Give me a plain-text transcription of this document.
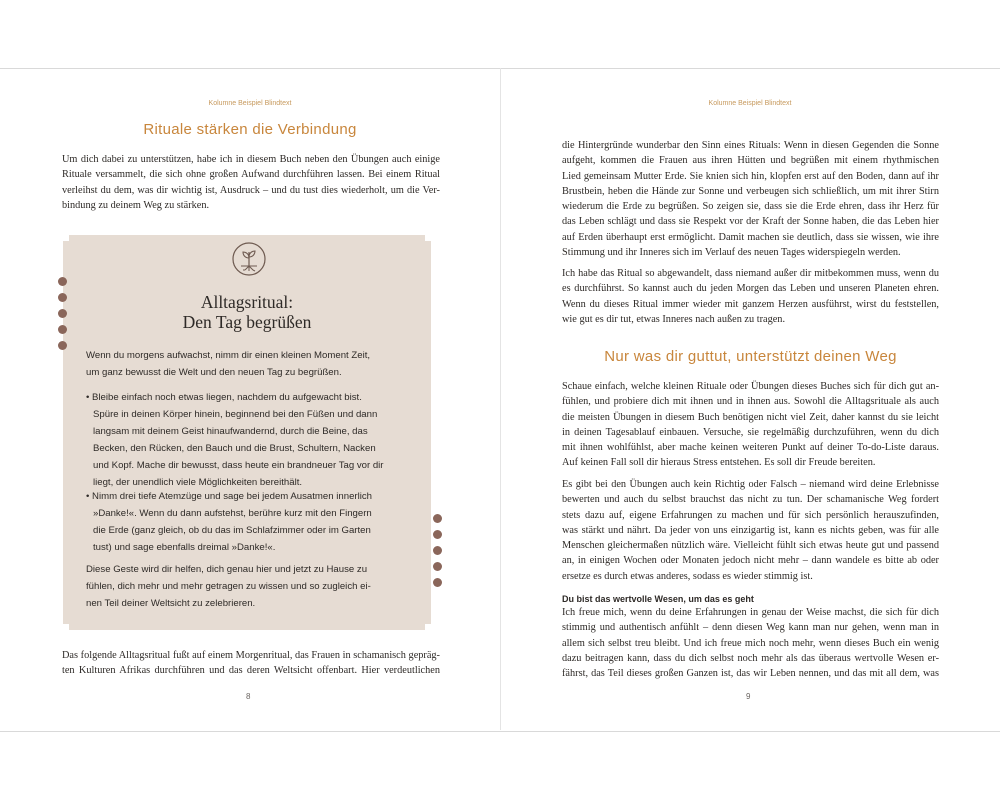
Kolumne Beispiel Blindtext
Rituale stärken die Verbindung
Um dich dabei zu unterstützen, habe ich in diesem Buch neben den Übungen auch einige
Rituale versammelt, die sich ohne großen Aufwand durchführen lassen. Bei einem Ritual
verleihst du dem, was dir wichtig ist, Ausdruck – und du tust dies wiederholt, um die Ver-
bindung zu deinem Weg zu stärken.
Alltagsritual:
Den Tag begrüßen
Wenn du morgens aufwachst, nimm dir einen kleinen Moment Zeit,
um ganz bewusst die Welt und den neuen Tag zu begrüßen.
• Bleibe einfach noch etwas liegen, nachdem du aufgewacht bist.
Spüre in deinen Körper hinein, beginnend bei den Füßen und dann
langsam mit deinem Geist hinaufwandernd, durch die Beine, das
Becken, den Rücken, den Bauch und die Brust, Schultern, Nacken
und Kopf. Mache dir bewusst, dass heute ein brandneuer Tag vor dir
liegt, der unendlich viele Möglichkeiten bereithält.
• Nimm drei tiefe Atemzüge und sage bei jedem Ausatmen innerlich
»Danke!«. Wenn du dann aufstehst, berühre kurz mit den Fingern
die Erde (ganz gleich, ob du das im Schlafzimmer oder im Garten
tust) und sage ebenfalls dreimal »Danke!«.
Diese Geste wird dir helfen, dich genau hier und jetzt zu Hause zu
fühlen, dich mehr und mehr getragen zu wissen und so zugleich ei-
nen Teil deiner Weltsicht zu zelebrieren.
Das folgende Alltagsritual fußt auf einem Morgenritual, das Frauen in schamanisch gepräg-
ten Kulturen Afrikas durchführen und das deren Weltsicht offenbart. Hier verdeutlichen
8
Kolumne Beispiel Blindtext
die Hintergründe wunderbar den Sinn eines Rituals: Wenn in diesen Gegenden die Sonne
aufgeht, kommen die Frauen aus ihren Hütten und begrüßen mit einem rhythmischen
Lied gemeinsam Mutter Erde. Sie knien sich hin, klopfen erst auf den Boden, dann auf ihr
Brustbein, heben die Hände zur Sonne und verbeugen sich schließlich, um mit ihrer Stirn
wiederum die Erde zu begrüßen. So zeigen sie, dass sie die Erde ehren, dass ihr Herz für
das Leben schlägt und dass sie Respekt vor der Kraft der Sonne haben, die das Leben hier
auf Erden überhaupt erst ermöglicht. Damit machen sie deutlich, dass sie wissen, wie ihre
Stimmung und ihr Inneres sich im Verlauf des neuen Tages widerspiegeln werden.
Ich habe das Ritual so abgewandelt, dass niemand außer dir mitbekommen muss, wenn du
es durchführst. So kannst auch du jeden Morgen das Leben und unseren Planeten ehren.
Wenn du dieses Ritual immer wieder mit ganzem Herzen ausführst, wirst du feststellen,
wie gut es dir tut, etwas Inneres nach außen zu tragen.
Nur was dir guttut, unterstützt deinen Weg
Schaue einfach, welche kleinen Rituale oder Übungen dieses Buches sich für dich gut an-
fühlen, und probiere dich mit ihnen und in ihnen aus. Sowohl die Alltagsrituale als auch
die meisten Übungen in diesem Buch benötigen nicht viel Zeit, daher kannst du sie leicht
in deinen Tagesablauf einbauen. Versuche, sie regelmäßig durchzuführen, wenn du dich
mit ihnen wohlfühlst, aber mache keinen weiteren Punkt auf deiner To-do-Liste daraus.
Auf keinen Fall soll dir hieraus Stress entstehen. Es soll dir Freude bereiten.
Es gibt bei den Übungen auch kein Richtig oder Falsch – niemand wird deine Erlebnisse
bewerten und auch du selbst brauchst das nicht zu tun. Der schamanische Weg fordert
stets dazu auf, eigene Erfahrungen zu machen und für sich persönlich herauszufinden,
was stärkt und nährt. Da jeder von uns einzigartig ist, kann es nichts geben, was für alle
Menschen gleichermaßen nützlich wäre. Vielleicht fühlt sich etwas heute gut und passend
an, in einigen Wochen oder Monaten jedoch nicht mehr – dann wandele es bitte ab oder
ersetze es durch etwas anderes, sodass es wieder stimmig ist.
Du bist das wertvolle Wesen, um das es geht
Ich freue mich, wenn du deine Erfahrungen in genau der Weise machst, die sich für dich
stimmig und authentisch anfühlt – denn diesen Weg kann man nur gehen, wenn man in
allem sich selbst treu bleibt. Und ich freue mich noch mehr, wenn dieses Buch ein wenig
dazu beitragen kann, dass du dich selbst noch mehr als das überaus wertvolle Wesen er-
fährst, das Teil dieses großen Ganzen ist, das wir Leben nennen, und das mit all dem, was
9
